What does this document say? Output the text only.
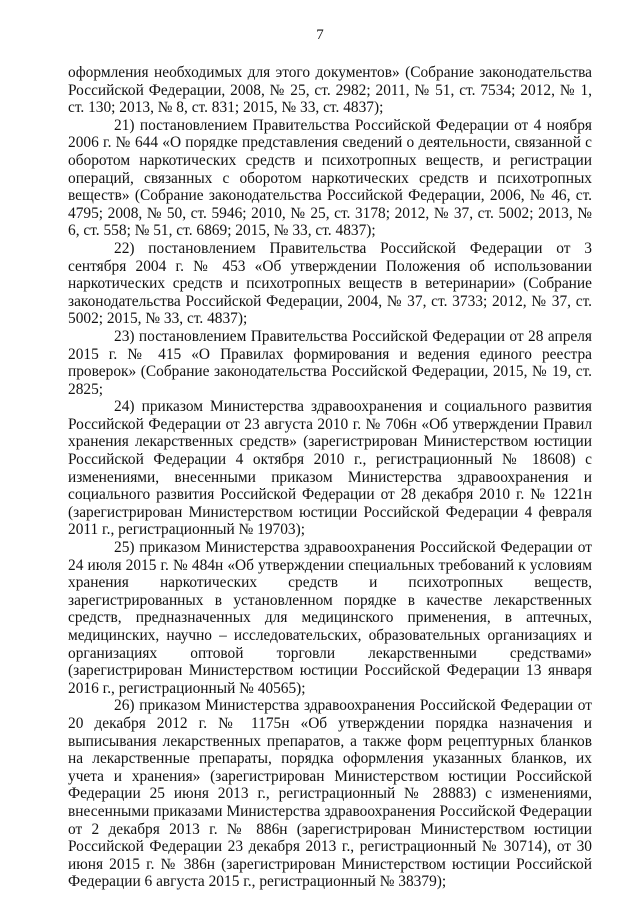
7

оформления необходимых для этого документов» (Собрание законодательства Российской Федерации, 2008, № 25, ст. 2982; 2011, № 51, ст. 7534; 2012, № 1, ст. 130; 2013, № 8, ст. 831; 2015, № 33, ст. 4837);

21) постановлением Правительства Российской Федерации от 4 ноября 2006 г. № 644 «О порядке представления сведений о деятельности, связанной с оборотом наркотических средств и психотропных веществ, и регистрации операций, связанных с оборотом наркотических средств и психотропных веществ» (Собрание законодательства Российской Федерации, 2006, № 46, ст. 4795; 2008, № 50, ст. 5946; 2010, № 25, ст. 3178; 2012, № 37, ст. 5002; 2013, № 6, ст. 558; № 51, ст. 6869; 2015, № 33, ст. 4837);

22) постановлением Правительства Российской Федерации от 3 сентября 2004 г. № 453 «Об утверждении Положения об использовании наркотических средств и психотропных веществ в ветеринарии» (Собрание законодательства Российской Федерации, 2004, № 37, ст. 3733; 2012, № 37, ст. 5002; 2015, № 33, ст. 4837);

23) постановлением Правительства Российской Федерации от 28 апреля 2015 г. № 415 «О Правилах формирования и ведения единого реестра проверок» (Собрание законодательства Российской Федерации, 2015, № 19, ст. 2825;

24) приказом Министерства здравоохранения и социального развития Российской Федерации от 23 августа 2010 г. № 706н «Об утверждении Правил хранения лекарственных средств» (зарегистрирован Министерством юстиции Российской Федерации 4 октября 2010 г., регистрационный № 18608) с изменениями, внесенными приказом Министерства здравоохранения и социального развития Российской Федерации от 28 декабря 2010 г. № 1221н (зарегистрирован Министерством юстиции Российской Федерации 4 февраля 2011 г., регистрационный № 19703);

25) приказом Министерства здравоохранения Российской Федерации от 24 июля 2015 г. № 484н «Об утверждении специальных требований к условиям хранения наркотических средств и психотропных веществ, зарегистрированных в установленном порядке в качестве лекарственных средств, предназначенных для медицинского применения, в аптечных, медицинских, научно – исследовательских, образовательных организациях и организациях оптовой торговли лекарственными средствами» (зарегистрирован Министерством юстиции Российской Федерации 13 января 2016 г., регистрационный № 40565);

26) приказом Министерства здравоохранения Российской Федерации от 20 декабря 2012 г. № 1175н «Об утверждении порядка назначения и выписывания лекарственных препаратов, а также форм рецептурных бланков на лекарственные препараты, порядка оформления указанных бланков, их учета и хранения» (зарегистрирован Министерством юстиции Российской Федерации 25 июня 2013 г., регистрационный № 28883) с изменениями, внесенными приказами Министерства здравоохранения Российской Федерации от 2 декабря 2013 г. № 886н (зарегистрирован Министерством юстиции Российской Федерации 23 декабря 2013 г., регистрационный № 30714), от 30 июня 2015 г. № 386н (зарегистрирован Министерством юстиции Российской Федерации 6 августа 2015 г., регистрационный № 38379);
